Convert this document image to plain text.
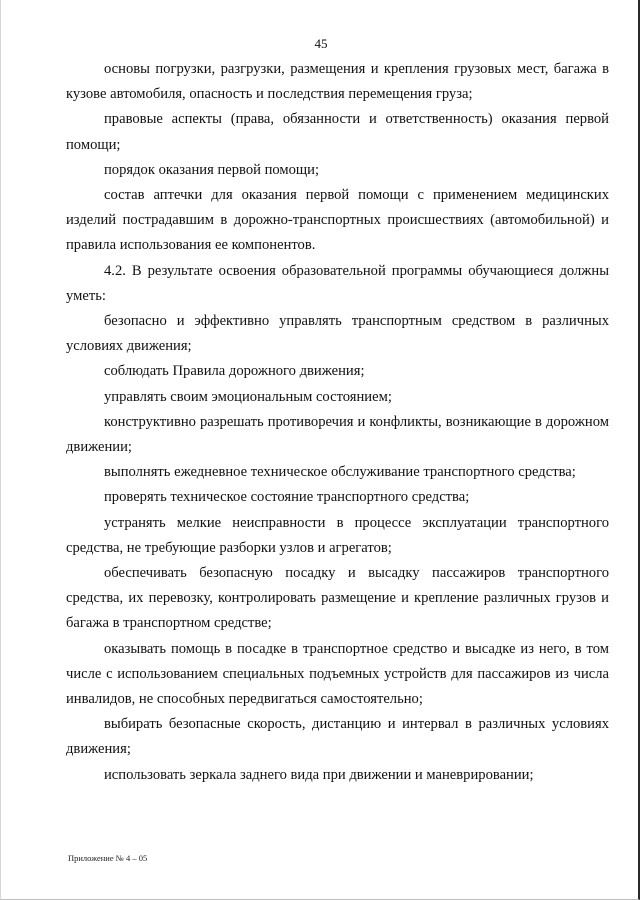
45

основы погрузки, разгрузки, размещения и крепления грузовых мест, багажа в кузове автомобиля, опасность и последствия перемещения груза;

правовые аспекты (права, обязанности и ответственность) оказания первой помощи;

порядок оказания первой помощи;

состав аптечки для оказания первой помощи с применением медицинских изделий пострадавшим в дорожно-транспортных происшествиях (автомобильной) и правила использования ее компонентов.

4.2. В результате освоения образовательной программы обучающиеся должны уметь:

безопасно и эффективно управлять транспортным средством в различных условиях движения;

соблюдать Правила дорожного движения;

управлять своим эмоциональным состоянием;

конструктивно разрешать противоречия и конфликты, возникающие в дорожном движении;

выполнять ежедневное техническое обслуживание транспортного средства;

проверять техническое состояние транспортного средства;

устранять мелкие неисправности в процессе эксплуатации транспортного средства, не требующие разборки узлов и агрегатов;

обеспечивать безопасную посадку и высадку пассажиров транспортного средства, их перевозку, контролировать размещение и крепление различных грузов и багажа в транспортном средстве;

оказывать помощь в посадке в транспортное средство и высадке из него, в том числе с использованием специальных подъемных устройств для пассажиров из числа инвалидов, не способных передвигаться самостоятельно;

выбирать безопасные скорость, дистанцию и интервал в различных условиях движения;

использовать зеркала заднего вида при движении и маневрировании;

Приложение № 4 – 05
